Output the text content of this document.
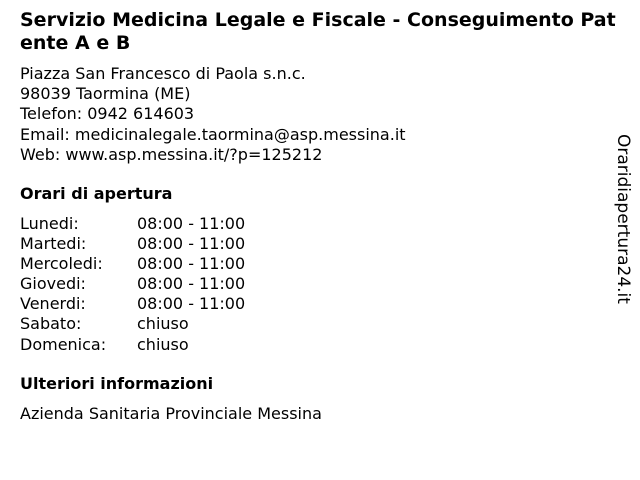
Servizio Medicina Legale e Fiscale - Conseguimento Patente A e B
Piazza San Francesco di Paola s.n.c.
98039 Taormina (ME)
Telefon: 0942 614603
Email: medicinalegale.taormina@asp.messina.it
Web: www.asp.messina.it/?p=125212
Orari di apertura
Lunedi:	08:00 - 11:00
Martedi:	08:00 - 11:00
Mercoledi: 08:00 - 11:00
Giovedi:	08:00 - 11:00
Venerdi:	08:00 - 11:00
Sabato:	chiuso
Domenica: chiuso
Ulteriori informazioni
Azienda Sanitaria Provinciale Messina
Oraridiapertura24.it
